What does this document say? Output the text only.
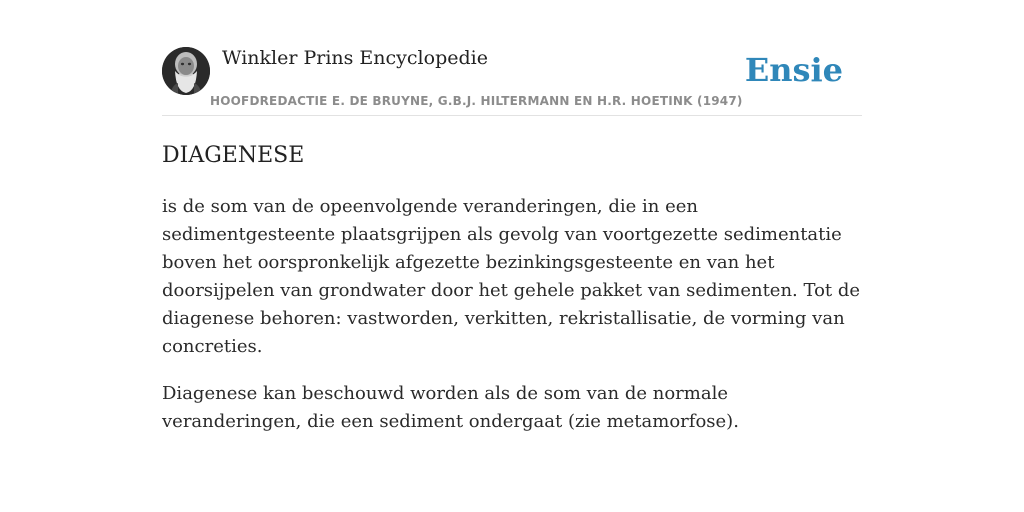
Winkler Prins Encyclopedie
HOOFDREDACTIE E. DE BRUYNE, G.B.J. HILTERMANN EN H.R. HOETINK (1947)
Ensie
DIAGENESE

is de som van de opeenvolgende veranderingen, die in een sedimentgesteente plaatsgrijpen als gevolg van voortgezette sedimentatie boven het oorspronkelijk afgezette bezinkingsgesteente en van het doorsijpelen van grondwater door het gehele pakket van sedimenten. Tot de diagenese behoren: vastworden, verkitten, rekristallisatie, de vorming van concreties.

Diagenese kan beschouwd worden als de som van de normale veranderingen, die een sediment ondergaat (zie metamorfose).
